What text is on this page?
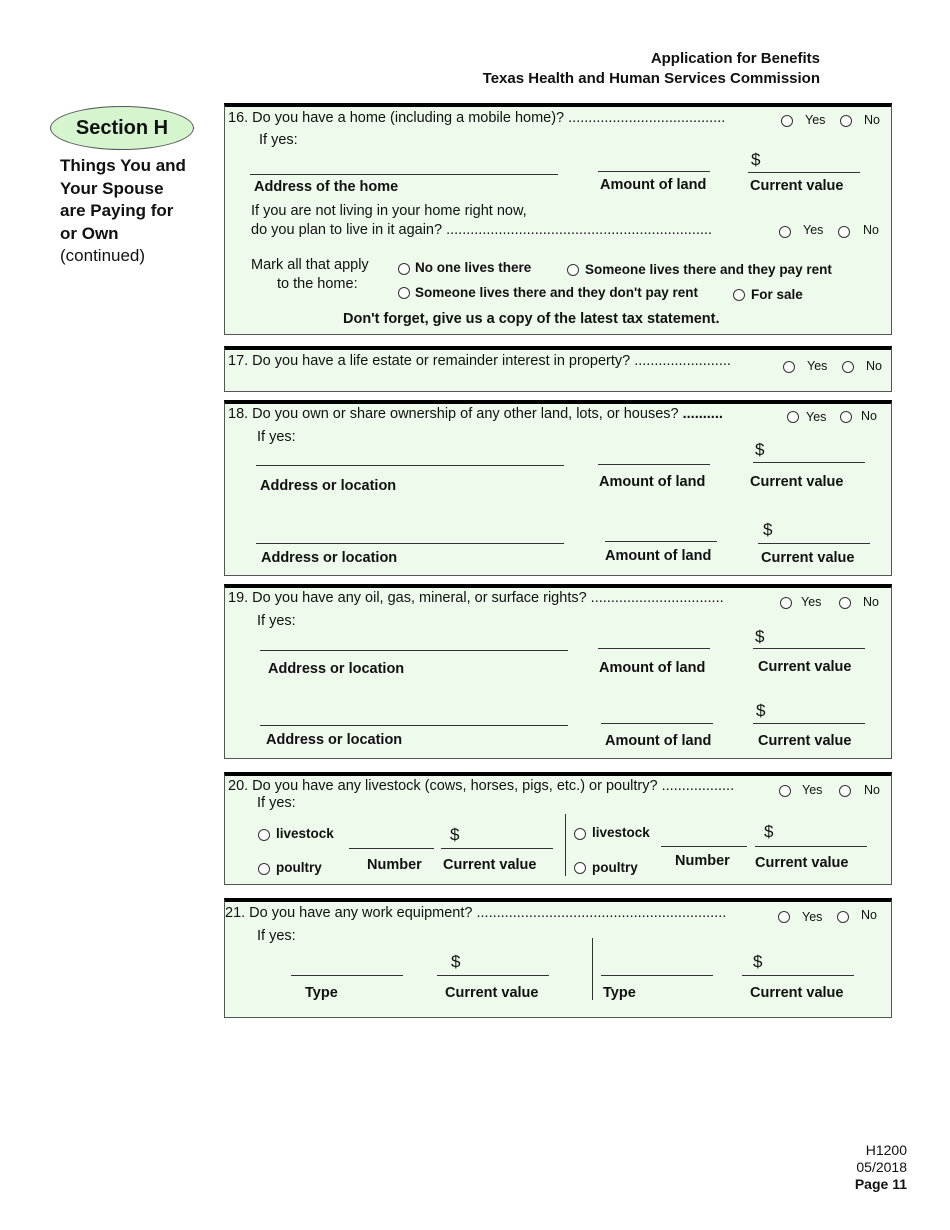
Application for Benefits
Texas Health and Human Services Commission
Section H
Things You and
Your Spouse
are Paying for
or Own
(continued)
16. Do you have a home (including a mobile home)? .......................................	Yes	No
If yes:
Address of the home	Amount of land
$
Current value
If you are not living in your home right now,
do you plan to live in it again? ..................................................................	Yes	No
Mark all that apply
to the home:
No one lives there	Someone lives there and they pay rent
Someone lives there and they don't pay rent	For sale
Don't forget, give us a copy of the latest tax statement.
17. Do you have a life estate or remainder interest in property? ........................	Yes	No
18. Do you own or share ownership of any other land, lots, or houses? ..........	Yes	No
If yes:
Address or location	Amount of land
$
Current value
Address or location	Amount of land
$
Current value
19. Do you have any oil, gas, mineral, or surface rights? .................................	Yes	No
If yes:
Address or location	Amount of land
$
Current value
Address or location	Amount of land
$
Current value
20. Do you have any livestock (cows, horses, pigs, etc.) or poultry? ..................	Yes	No
If yes:
livestock
poultry	Number
$
Current value
livestock
poultry	Number
$
Current value
21. Do you have any work equipment? ..............................................................	Yes	No
If yes:
Type
$
Current value	Type
$
Current value
H1200
05/2018
Page 11
